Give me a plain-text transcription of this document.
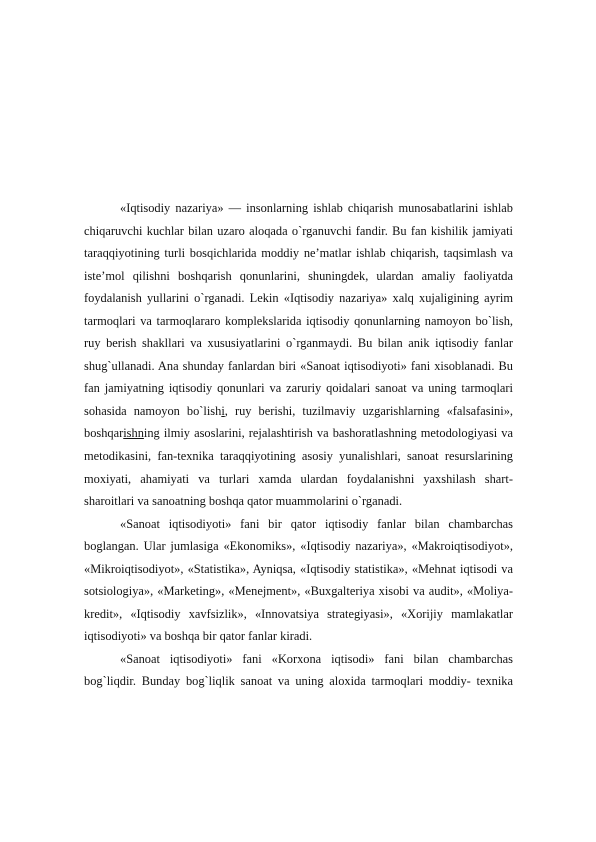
«Iqtisodiy nazariya» — insonlarning ishlab chiqarish munosabatlarini ishlab chiqaruvchi kuchlar bilan uzaro aloqada o`rganuvchi fandir. Bu fan kishilik jamiyati taraqqiyotining turli bosqichlarida moddiy ne’matlar ishlab chiqarish, taqsimlash va iste’mol qilishni boshqarish qonunlarini, shuningdek, ulardan amaliy faoliyatda foydalanish yullarini o`rganadi. Lekin «Iqtisodiy nazariya» xalq xujaligining ayrim tarmoqlari va tarmoqlararo komplekslarida iqtisodiy qonunlarning namoyon bo`lish, ruy berish shakllari va xususiyatlarini o`rganmaydi. Bu bilan anik iqtisodiy fanlar shug`ullanadi. Ana shunday fanlardan biri «Sanoat iqtisodiyoti» fani xisoblanadi. Bu fan jamiyatning iqtisodiy qonunlari va zaruriy qoidalari sanoat va uning tarmoqlari sohasida namoyon bo`lishi, ruy berishi, tuzilmaviy uzgarishlarning «falsafasini», boshqarishning ilmiy asoslarini, rejalashtirish va bashoratlashning metodologiyasi va metodikasini, fan-texnika taraqqiyotining asosiy yunalishlari, sanoat resurslarining moxiyati, ahamiyati va turlari xamda ulardan foydalanishni yaxshilash shart-sharoitlari va sanoatning boshqa qator muammolarini o`rganadi.

«Sanoat iqtisodiyoti» fani bir qator iqtisodiy fanlar bilan chambarchas boglangan. Ular jumlasiga «Ekonomiks», «Iqtisodiy nazariya», «Makroiqtisodiyot», «Mikroiqtisodiyot», «Statistika», Ayniqsa, «Iqtisodiy statistika», «Mehnat iqtisodi va sotsiologiya», «Marketing», «Menejment», «Buxgalteriya xisobi va audit», «Moliya-kredit», «Iqtisodiy xavfsizlik», «Innovatsiya strategiyasi», «Xorijiy mamlakatlar iqtisodiyoti» va boshqa bir qator fanlar kiradi.

«Sanoat iqtisodiyoti» fani «Korxona iqtisodi» fani bilan chambarchas bog`liqdir. Bunday bog`liqlik sanoat va uning aloxida tarmoqlari moddiy- texnika
